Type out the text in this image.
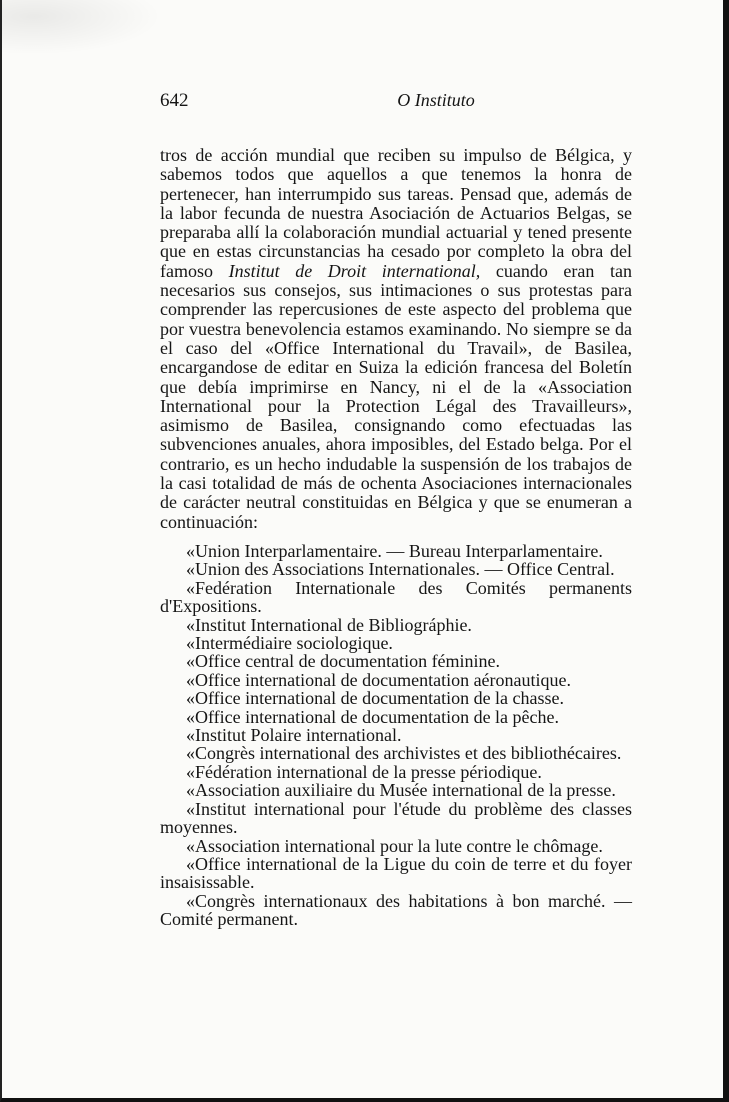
642	O Instituto

tros de acción mundial que reciben su impulso de Bélgica, y sabemos todos que aquellos a que tenemos la honra de pertenecer, han interrumpido sus tareas. Pensad que, además de la labor fecunda de nuestra Asociación de Actuarios Belgas, se preparaba allí la colaboración mundial actuarial y tened presente que en estas circunstancias ha cesado por completo la obra del famoso Institut de Droit international, cuando eran tan necesarios sus consejos, sus intimaciones o sus protestas para comprender las repercusiones de este aspecto del problema que por vuestra benevolencia estamos examinando. No siempre se da el caso del «Office International du Travail», de Basilea, encargandose de editar en Suiza la edición francesa del Boletín que debía imprimirse en Nancy, ni el de la «Association International pour la Protection Légal des Travailleurs», asimismo de Basilea, consignando como efectuadas las subvenciones anuales, ahora imposibles, del Estado belga. Por el contrario, es un hecho indudable la suspensión de los trabajos de la casi totalidad de más de ochenta Asociaciones internacionales de carácter neutral constituidas en Bélgica y que se enumeran a continuación:

«Union Interparlamentaire. — Bureau Interparlamentaire.
«Union des Associations Internationales. — Office Central.
«Fedération Internationale des Comités permanents d'Expositions.
«Institut International de Bibliográphie.
«Intermédiaire sociologique.
«Office central de documentation féminine.
«Office international de documentation aéronautique.
«Office international de documentation de la chasse.
«Office international de documentation de la pêche.
«Institut Polaire international.
«Congrès international des archivistes et des bibliothécaires.
«Fédération international de la presse périodique.
«Association auxiliaire du Musée international de la presse.
«Institut international pour l'étude du problème des classes moyennes.
«Association international pour la lute contre le chômage.
«Office international de la Ligue du coin de terre et du foyer insaisissable.
«Congrès internationaux des habitations à bon marché. — Comité permanent.
